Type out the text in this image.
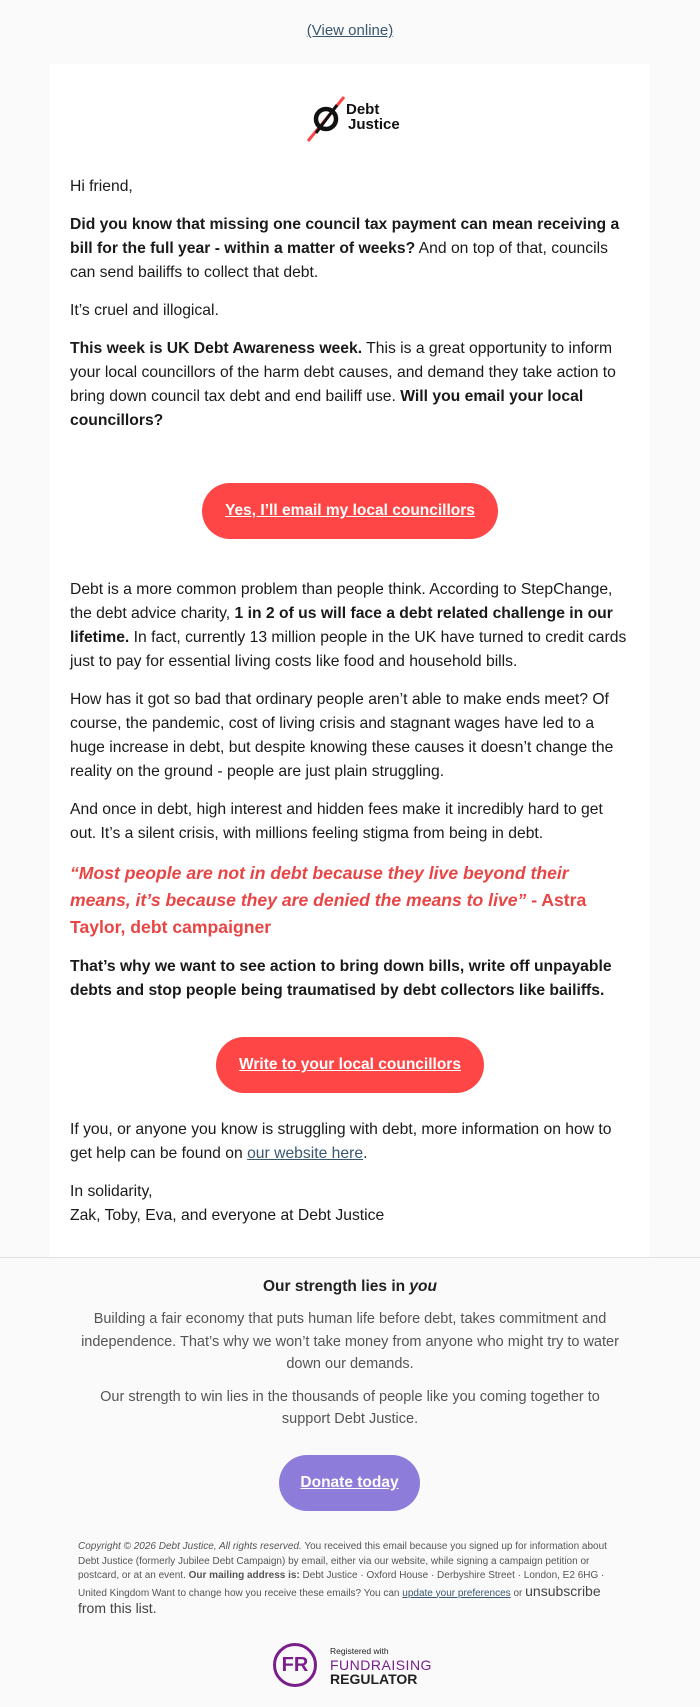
(View online)
Debt
Justice

Hi friend,

Did you know that missing one council tax payment can mean receiving a bill for the full year - within a matter of weeks? And on top of that, councils can send bailiffs to collect that debt.

It’s cruel and illogical.

This week is UK Debt Awareness week. This is a great opportunity to inform your local councillors of the harm debt causes, and demand they take action to bring down council tax debt and end bailiff use. Will you email your local councillors?

Yes, I’ll email my local councillors

Debt is a more common problem than people think. According to StepChange, the debt advice charity, 1 in 2 of us will face a debt related challenge in our lifetime. In fact, currently 13 million people in the UK have turned to credit cards just to pay for essential living costs like food and household bills.

How has it got so bad that ordinary people aren’t able to make ends meet? Of course, the pandemic, cost of living crisis and stagnant wages have led to a huge increase in debt, but despite knowing these causes it doesn’t change the reality on the ground - people are just plain struggling.

And once in debt, high interest and hidden fees make it incredibly hard to get out. It’s a silent crisis, with millions feeling stigma from being in debt.

“Most people are not in debt because they live beyond their means, it’s because they are denied the means to live” - Astra Taylor, debt campaigner

That’s why we want to see action to bring down bills, write off unpayable debts and stop people being traumatised by debt collectors like bailiffs.

Write to your local councillors

If you, or anyone you know is struggling with debt, more information on how to get help can be found on our website here.

In solidarity,
Zak, Toby, Eva, and everyone at Debt Justice

Our strength lies in you

Building a fair economy that puts human life before debt, takes commitment and independence. That’s why we won’t take money from anyone who might try to water down our demands.

Our strength to win lies in the thousands of people like you coming together to support Debt Justice.

Donate today
Copyright © 2026 Debt Justice, All rights reserved. You received this email because you signed up for information about Debt Justice (formerly Jubilee Debt Campaign) by email, either via our website, while signing a campaign petition or postcard, or at an event. Our mailing address is: Debt Justice · Oxford House · Derbyshire Street · London, E2 6HG · United Kingdom Want to change how you receive these emails? You can update your preferences or unsubscribe from this list.
FR
Registered with
FUNDRAISING
REGULATOR
